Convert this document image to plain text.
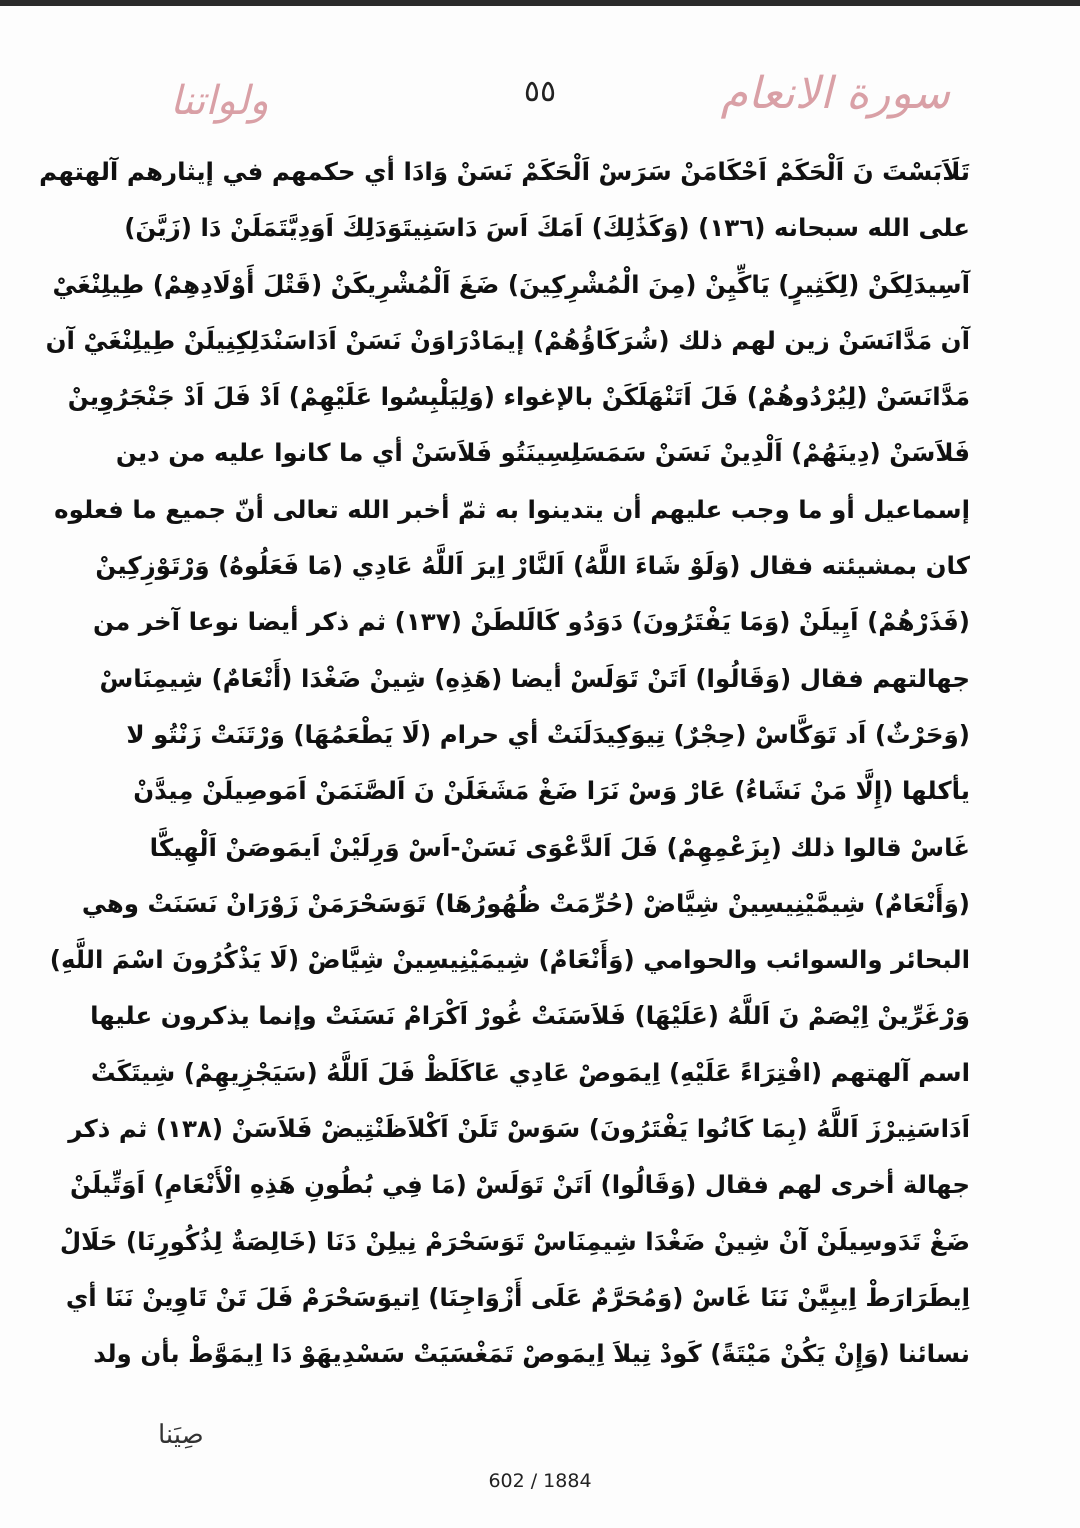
ولواتنا	٥٥	سورة الانعام
تَلَاَبَسْتَ نَ اَلْحَكَمْ اَحْكَامَنْ سَرَسْ اَلْحَكَمْ نَسَنْ وَادَا أي حكمهم في إيثارهم آلهتهم
على الله سبحانه (١٣٦) (وَكَذَٰلِكَ) اَمَكَ اَسَ دَاسَنِيتَوَدَلِكَ اَوَدِيَّتَمَلَنْ دَا (زَيَّنَ)
آسِيدَلِكَنْ (لِكَثِيرٍ) يَاكِّيِنْ (مِنَ الْمُشْرِكِينَ) ضَغَ اَلْمُشْرِيكَنْ (قَتْلَ أَوْلَادِهِمْ) طِيلِنْغَيْ
آن مَدَّانَسَنْ زين لهم ذلك (شُرَكَاؤُهُمْ) إيمَادْرَاوَنْ نَسَنْ اَدَاسَنْدَلِكِنِيلَنْ طِيلِنْغَيْ آن
مَدَّانَسَنْ (لِيُرْدُوهُمْ) فَلَ اَتَنْهَلَكَنْ بالإغواء (وَلِيَلْبِسُوا عَلَيْهِمْ) اَدْ فَلَ اَدْ جَنْجَرُوِينْ
فَلاَسَنْ (دِينَهُمْ) اَلْدِينْ نَسَنْ سَمَسَلِسِينَتُو فَلاَسَنْ أي ما كانوا عليه من دين
إسماعيل أو ما وجب عليهم أن يتدينوا به ثمّ أخبر الله تعالى أنّ جميع ما فعلوه
كان بمشيئته فقال (وَلَوْ شَاءَ اللَّهُ) اَلنَّارْ اِيرَ اَللَّهُ عَادِي (مَا فَعَلُوهُ) وَرْتَوْزِكِينْ
(فَذَرْهُمْ) اَيِيلَنْ (وَمَا يَفْتَرُونَ) دَوَدُو كَالَلطَنْ (١٣٧) ثم ذكر أيضا نوعا آخر من
جهالتهم فقال (وَقَالُوا) اَتَنْ تَوَلَسْ أيضا (هَذِهِ) شِينْ ضَغْدَا (أَنْعَامٌ) شِيمِنَاسْ
(وَحَرْثٌ) اَد تَوَكَّاسْ (حِجْرٌ) تِيوَكِيدَلَنَتْ أي حرام (لَا يَطْعَمُهَا) وَرْتَنَتْ زَنْتُو لا
يأكلها (إِلَّا مَنْ نَشَاءُ) عَارْ وَسْ نَرَا ضَغْ مَشَغَلَنْ نَ اَلصَّنَمَنْ اَمَوصِيلَنْ مِيدَّنْ
غَاسْ قالوا ذلك (بِزَعْمِهِمْ) فَلَ اَلدَّعْوَى نَسَنْ-اَسْ وَرِلَيْنْ اَيمَوصَنْ اَلْهِيكَّا
(وَأَنْعَامٌ) شِيمَّيْنِيسِينْ شِيَّاضْ (حُرِّمَتْ ظُهُورُهَا) تَوَسَحْرَمَنْ زَوْرَانْ نَسَنَتْ وهي
البحائر والسوائب والحوامي (وَأَنْعَامٌ) شِيمَيْنِيسِينْ شِيَّاضْ (لَا يَذْكُرُونَ اسْمَ اللَّهِ)
وَرْغَرِّينْ اِيْصَمْ نَ اَللَّهُ (عَلَيْهَا) فَلاَسَنَتْ غُورْ اَكْرَامْ نَسَنَتْ وإنما يذكرون عليها
اسم آلهتهم (افْتِرَاءً عَلَيْهِ) اِيمَوصْ عَادِي عَاكَلَظْ فَلَ اَللَّهُ (سَيَجْزِيهِمْ) شِيتَكَتْ
اَدَاسَنِيرْزَ اَللَّهُ (بِمَا كَانُوا يَفْتَرُونَ) سَوَسْ تَلَنْ اَكْلاَظَنْتِيضْ فَلاَسَنْ (١٣٨) ثم ذكر
جهالة أخرى لهم فقال (وَقَالُوا) اَتَنْ تَوَلَسْ (مَا فِي بُطُونِ هَذِهِ الْأَنْعَامِ) اَوَتِّيلَنْ
ضَغْ تَدَوسِيلَنْ آنْ شِينْ ضَغْدَا شِيمِنَاسْ تَوَسَحْرَمْ نِيلِنْ دَنَا (خَالِصَةٌ لِذُكُورِنَا) حَلَالْ
اِيطَرَارَطْ اِيبِيَّنْ نَنَا غَاسْ (وَمُحَرَّمٌ عَلَى أَزْوَاجِنَا) اِتيوَسَحْرَمْ فَلَ تَنْ تَاوِينْ نَنَا أي
نسائنا (وَإِنْ يَكُنْ مَيْتَةً) كَودْ تِيلاَ اِيمَوصْ تَمَغْسَيَتْ سَسْدِيهَوْ دَا اِيمَوَّطْ بأن ولد
صِيَنا
602 / 1884
